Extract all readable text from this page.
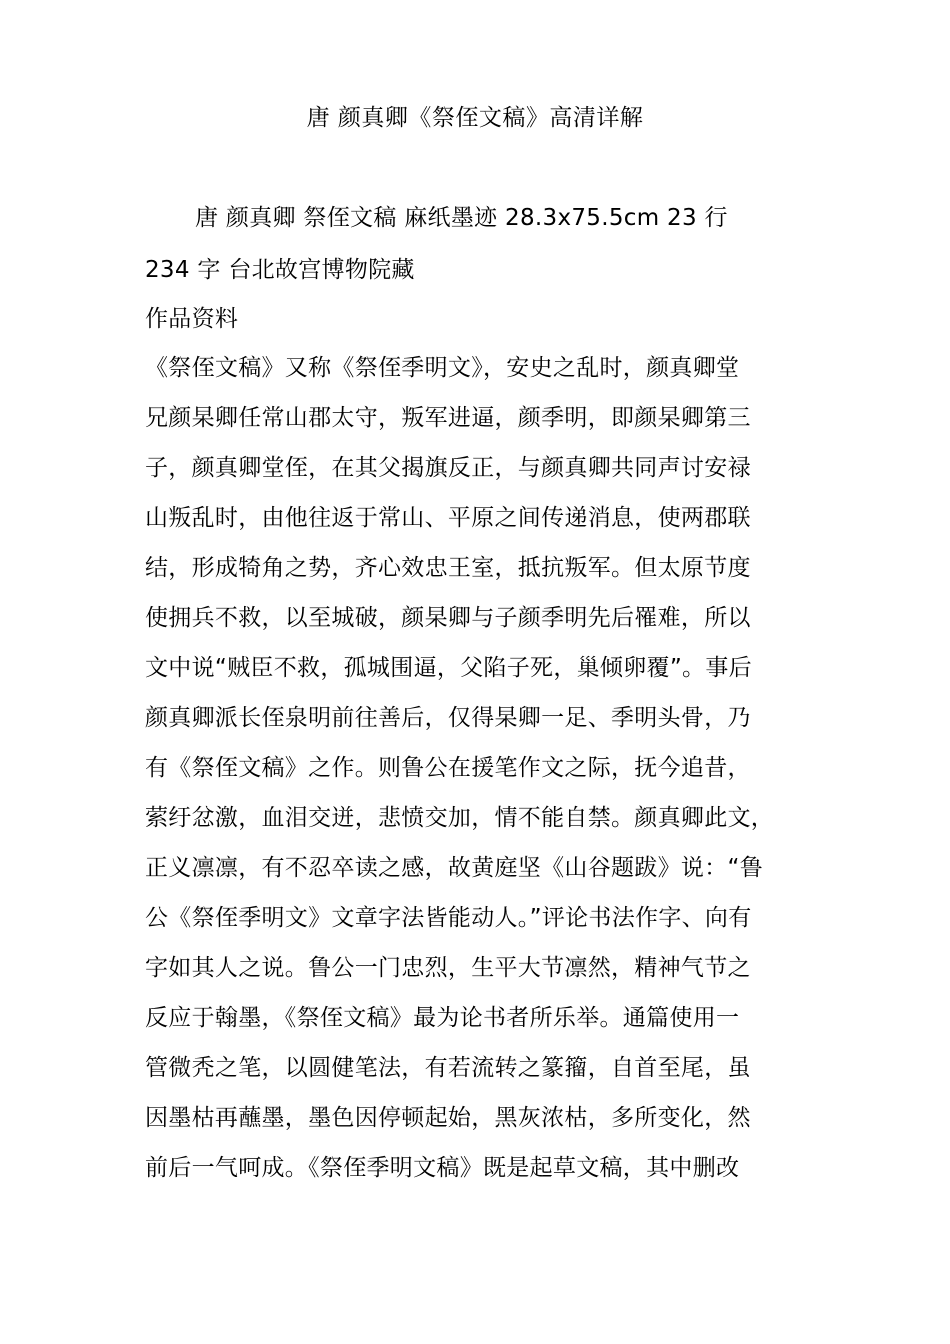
唐 颜真卿《祭侄文稿》高清详解
唐 颜真卿 祭侄文稿 麻纸墨迹 28.3x75.5cm 23 行
234 字 台北故宫博物院藏
作品资料
《祭侄文稿》又称《祭侄季明文》，安史之乱时，颜真卿堂
兄颜杲卿任常山郡太守，叛军进逼，颜季明，即颜杲卿第三
子，颜真卿堂侄，在其父揭旗反正，与颜真卿共同声讨安禄
山叛乱时，由他往返于常山、平原之间传递消息，使两郡联
结，形成犄角之势，齐心效忠王室，抵抗叛军。但太原节度
使拥兵不救，以至城破，颜杲卿与子颜季明先后罹难，所以
文中说“贼臣不救，孤城围逼，父陷子死，巢倾卵覆”。事后
颜真卿派长侄泉明前往善后，仅得杲卿一足、季明头骨，乃
有《祭侄文稿》之作。则鲁公在援笔作文之际，抚今追昔，
萦纡忿激，血泪交迸，悲愤交加，情不能自禁。颜真卿此文，
正义凛凛，有不忍卒读之感，故黄庭坚《山谷题跋》说：“鲁
公《祭侄季明文》文章字法皆能动人。”评论书法作字、向有
字如其人之说。鲁公一门忠烈，生平大节凛然，精神气节之
反应于翰墨，《祭侄文稿》最为论书者所乐举。通篇使用一
管微秃之笔，以圆健笔法，有若流转之篆籀，自首至尾，虽
因墨枯再蘸墨，墨色因停顿起始，黑灰浓枯，多所变化，然
前后一气呵成。《祭侄季明文稿》既是起草文稿，其中删改
